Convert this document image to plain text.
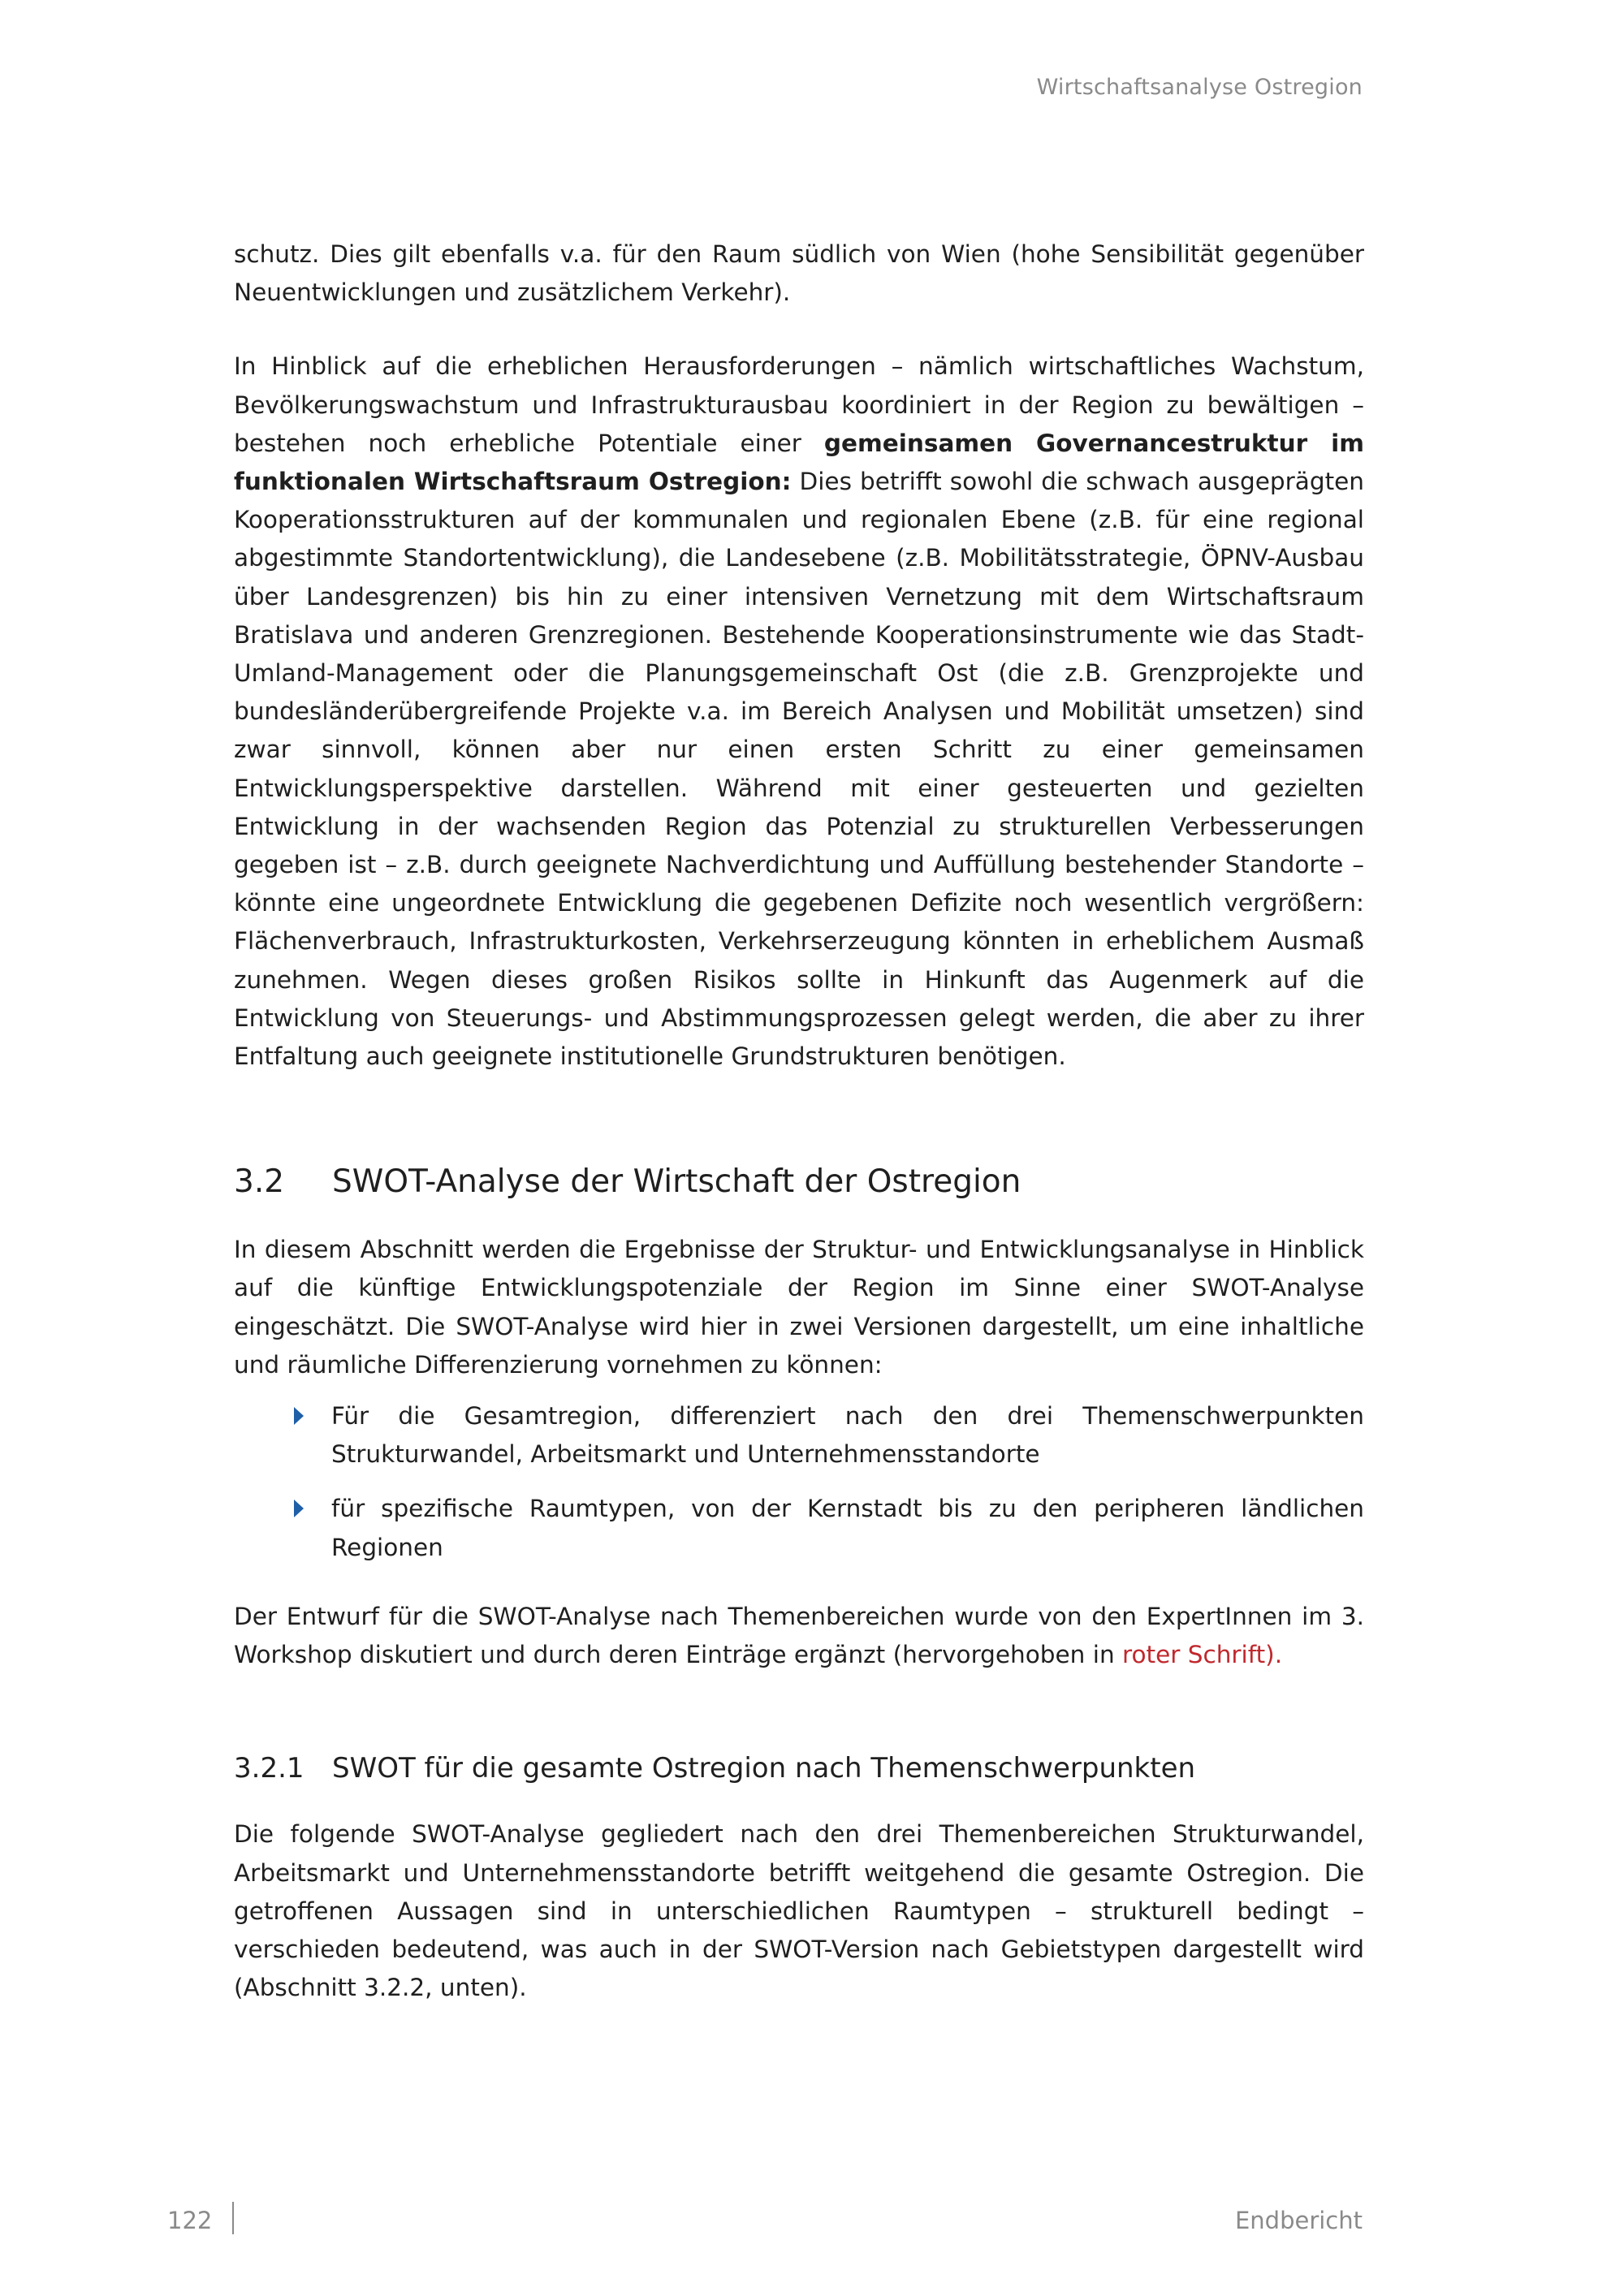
Wirtschaftsanalyse Ostregion

schutz. Dies gilt ebenfalls v.a. für den Raum südlich von Wien (hohe Sensibilität gegenüber Neuentwicklungen und zusätzlichem Verkehr).

In Hinblick auf die erheblichen Herausforderungen – nämlich wirtschaftliches Wachstum, Bevölkerungswachstum und Infrastrukturausbau koordiniert in der Region zu bewältigen – bestehen noch erhebliche Potentiale einer gemeinsamen Governancestruktur im funktionalen Wirtschaftsraum Ostregion: Dies betrifft sowohl die schwach ausgeprägten Kooperationsstrukturen auf der kommunalen und regionalen Ebene (z.B. für eine regional abgestimmte Standortentwicklung), die Landesebene (z.B. Mobilitätsstrategie, ÖPNV-Ausbau über Landesgrenzen) bis hin zu einer intensiven Vernetzung mit dem Wirtschaftsraum Bratislava und anderen Grenzregionen. Bestehende Kooperationsinstrumente wie das Stadt-Umland-Management oder die Planungsgemeinschaft Ost (die z.B. Grenzprojekte und bundesländerübergreifende Projekte v.a. im Bereich Analysen und Mobilität umsetzen) sind zwar sinnvoll, können aber nur einen ersten Schritt zu einer gemeinsamen Entwicklungsperspektive darstellen. Während mit einer gesteuerten und gezielten Entwicklung in der wachsenden Region das Potenzial zu strukturellen Verbesserungen gegeben ist – z.B. durch geeignete Nachverdichtung und Auffüllung bestehender Standorte – könnte eine ungeordnete Entwicklung die gegebenen Defizite noch wesentlich vergrößern: Flächenverbrauch, Infrastrukturkosten, Verkehrserzeugung könnten in erheblichem Ausmaß zunehmen. Wegen dieses großen Risikos sollte in Hinkunft das Augenmerk auf die Entwicklung von Steuerungs- und Abstimmungsprozessen gelegt werden, die aber zu ihrer Entfaltung auch geeignete institutionelle Grundstrukturen benötigen.

3.2	SWOT-Analyse der Wirtschaft der Ostregion

In diesem Abschnitt werden die Ergebnisse der Struktur- und Entwicklungsanalyse in Hinblick auf die künftige Entwicklungspotenziale der Region im Sinne einer SWOT-Analyse eingeschätzt. Die SWOT-Analyse wird hier in zwei Versionen dargestellt, um eine inhaltliche und räumliche Differenzierung vornehmen zu können:

Für die Gesamtregion, differenziert nach den drei Themenschwerpunkten Strukturwandel, Arbeitsmarkt und Unternehmensstandorte
für spezifische Raumtypen, von der Kernstadt bis zu den peripheren ländlichen Regionen

Der Entwurf für die SWOT-Analyse nach Themenbereichen wurde von den ExpertInnen im 3. Workshop diskutiert und durch deren Einträge ergänzt (hervorgehoben in roter Schrift).

3.2.1	SWOT für die gesamte Ostregion nach Themenschwerpunkten

Die folgende SWOT-Analyse gegliedert nach den drei Themenbereichen Strukturwandel, Arbeitsmarkt und Unternehmensstandorte betrifft weitgehend die gesamte Ostregion. Die getroffenen Aussagen sind in unterschiedlichen Raumtypen – strukturell bedingt – verschieden bedeutend, was auch in der SWOT-Version nach Gebietstypen dargestellt wird (Abschnitt 3.2.2, unten).

122	Endbericht
